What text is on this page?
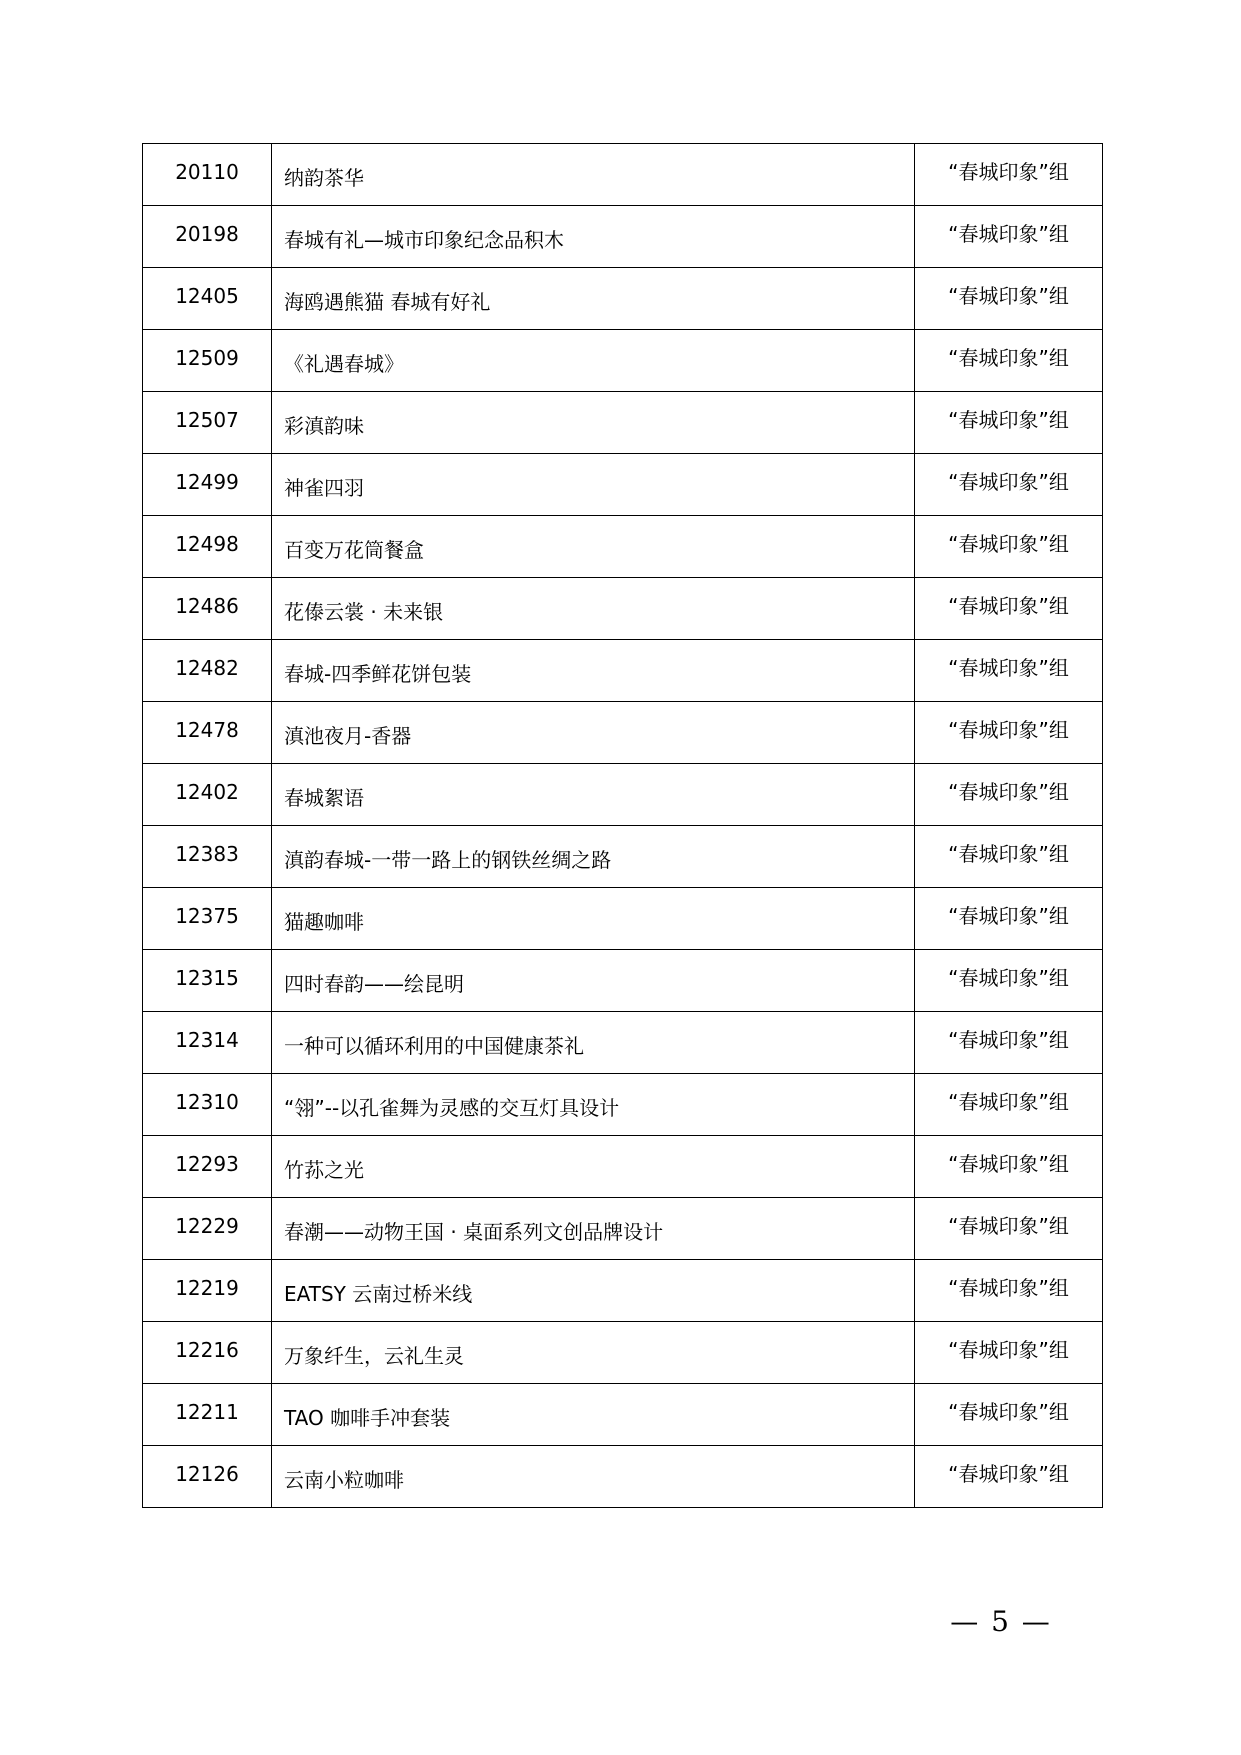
20110	纳韵茶华	“春城印象”组
20198	春城有礼—城市印象纪念品积木	“春城印象”组
12405	海鸥遇熊猫 春城有好礼	“春城印象”组
12509	《礼遇春城》	“春城印象”组
12507	彩滇韵味	“春城印象”组
12499	神雀四羽	“春城印象”组
12498	百变万花筒餐盒	“春城印象”组
12486	花傣云裳 · 未来银	“春城印象”组
12482	春城-四季鲜花饼包装	“春城印象”组
12478	滇池夜月-香器	“春城印象”组
12402	春城絮语	“春城印象”组
12383	滇韵春城-一带一路上的钢铁丝绸之路	“春城印象”组
12375	猫趣咖啡	“春城印象”组
12315	四时春韵——绘昆明	“春城印象”组
12314	一种可以循环利用的中国健康茶礼	“春城印象”组
12310	“翎”--以孔雀舞为灵感的交互灯具设计	“春城印象”组
12293	竹荪之光	“春城印象”组
12229	春潮——动物王国 · 桌面系列文创品牌设计	“春城印象”组
12219	EATSY 云南过桥米线	“春城印象”组
12216	万象纤生，云礼生灵	“春城印象”组
12211	TAO 咖啡手冲套装	“春城印象”组
12126	云南小粒咖啡	“春城印象”组
— 5 —
